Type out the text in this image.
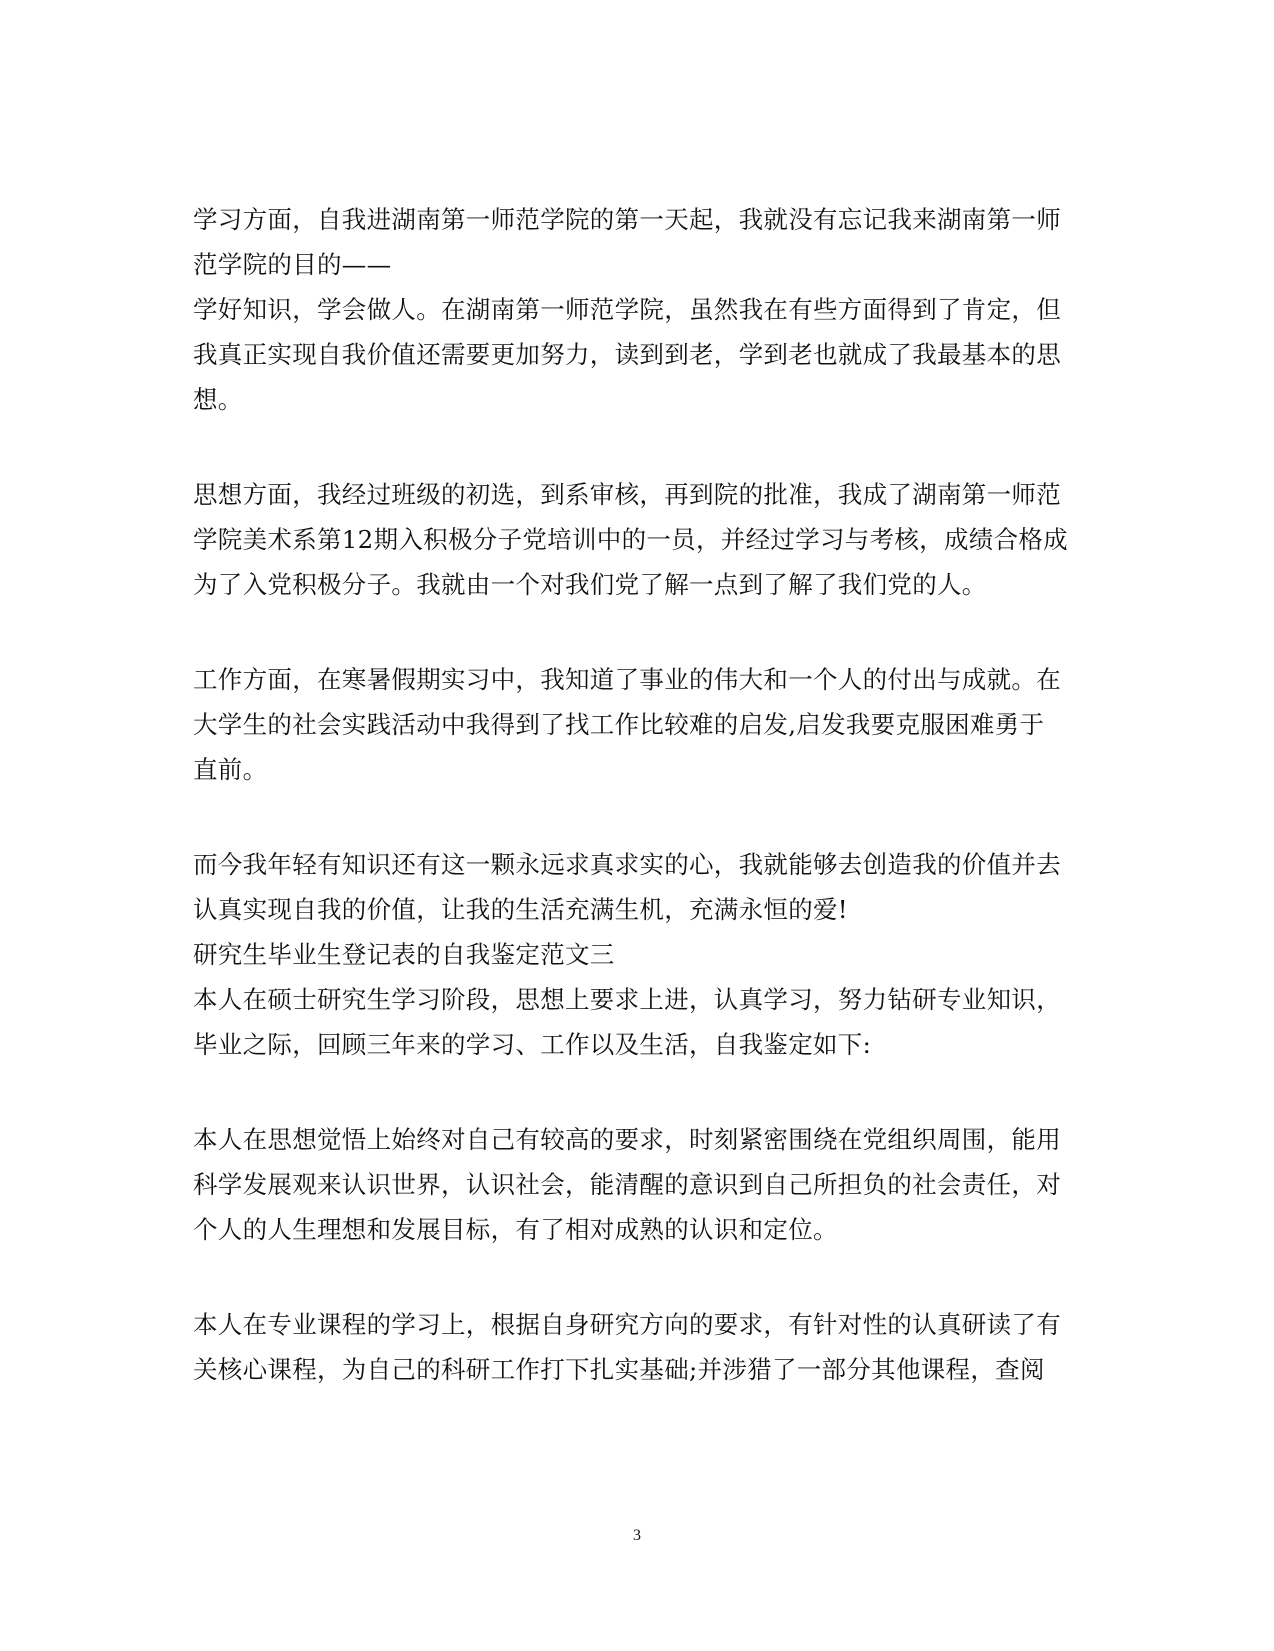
学习方面，自我进湖南第一师范学院的第一天起，我就没有忘记我来湖南第一师
范学院的目的——
学好知识，学会做人。在湖南第一师范学院，虽然我在有些方面得到了肯定，但
我真正实现自我价值还需要更加努力，读到到老，学到老也就成了我最基本的思
想。
思想方面，我经过班级的初选，到系审核，再到院的批准，我成了湖南第一师范
学院美术系第12期入积极分子党培训中的一员，并经过学习与考核，成绩合格成
为了入党积极分子。我就由一个对我们党了解一点到了解了我们党的人。
工作方面，在寒暑假期实习中，我知道了事业的伟大和一个人的付出与成就。在
大学生的社会实践活动中我得到了找工作比较难的启发,启发我要克服困难勇于
直前。
而今我年轻有知识还有这一颗永远求真求实的心，我就能够去创造我的价值并去
认真实现自我的价值，让我的生活充满生机，充满永恒的爱!
研究生毕业生登记表的自我鉴定范文三
本人在硕士研究生学习阶段，思想上要求上进，认真学习，努力钻研专业知识，
毕业之际，回顾三年来的学习、工作以及生活，自我鉴定如下:
本人在思想觉悟上始终对自己有较高的要求，时刻紧密围绕在党组织周围，能用
科学发展观来认识世界，认识社会，能清醒的意识到自己所担负的社会责任，对
个人的人生理想和发展目标，有了相对成熟的认识和定位。
本人在专业课程的学习上，根据自身研究方向的要求，有针对性的认真研读了有
关核心课程，为自己的科研工作打下扎实基础;并涉猎了一部分其他课程，查阅
3
